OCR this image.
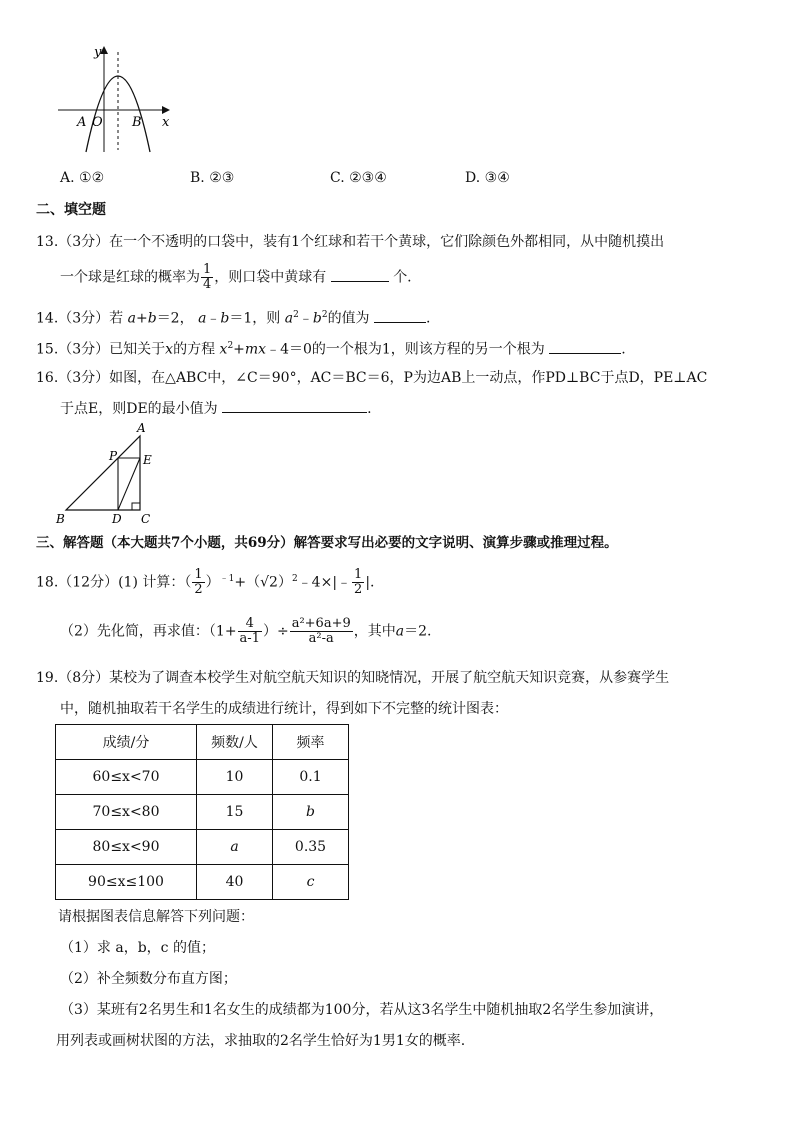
y
x
A O B
A. ①②	B. ②③	C. ②③④	D. ③④
二、填空题
13.（3分）在一个不透明的口袋中，装有1个红球和若干个黄球，它们除颜色外都相同，从中随机摸出
一个球是红球的概率为 $\frac{1}{4}$ ，则口袋中黄球有	个.
14.（3分）若 a+b＝2， a﹣b＝1，则 $a^2﹣b^2$的值为	.
15.（3分）已知关于x的方程 $x^2+mx﹣4=0$的一个根为1，则该方程的另一个根为	.
16.（3分）如图，在△ABC中，∠C＝90°，AC＝BC＝6，P为边AB上一动点，作PD⊥BC于点D，PE⊥AC
于点E，则DE的最小值为	.
A
B	C
D
E
P
三、解答题（本大题共7个小题，共69分）解答要求写出必要的文字说明、演算步骤或推理过程。
18.（12分）(1) 计算：（ $\frac{1}{2}$ ）$^{﹣1}+(√2)^2﹣4\times|﹣ \frac{1}{2}$ |.
（2）先化简，再求值：（$1+ \frac{4}{a-1}$ ）÷ $\frac{\text{a²+6a+9}}{\text{a²-a}}$ ，其中a＝2.
19.（8分）某校为了调查本校学生对航空航天知识的知晓情况，开展了航空航天知识竞赛，从参赛学生
中，随机抽取若干名学生的成绩进行统计，得到如下不完整的统计图表：
成绩/分	频数/人	频率
60≤x<70	10	0.1
70≤x<80	15	b
80≤x<90	a	0.35
90≤x≤100	40	c
请根据图表信息解答下列问题：
（1）求 a，b，c 的值；
（2）补全频数分布直方图；
（3）某班有2名男生和1名女生的成绩都为100分，若从这3名学生中随机抽取2名学生参加演讲，
用列表或画树状图的方法，求抽取的2名学生恰好为1男1女的概率.
